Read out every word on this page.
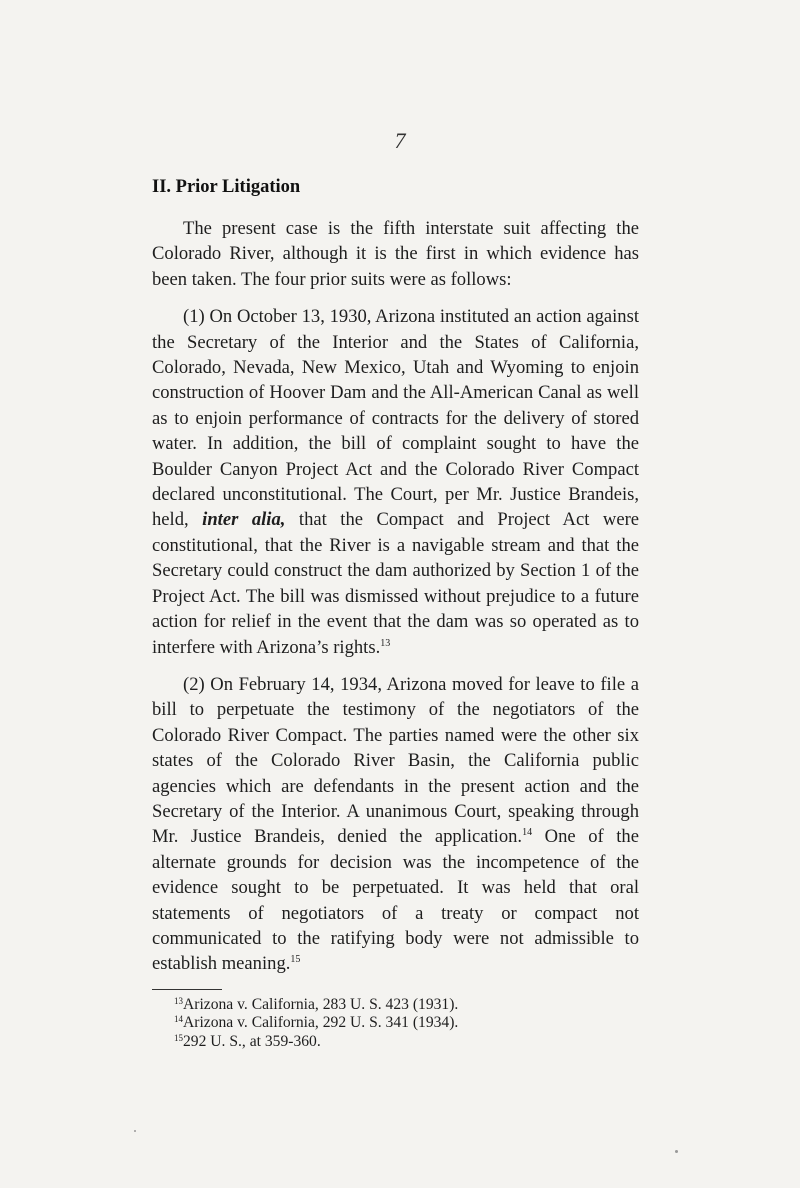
7
II. Prior Litigation

The present case is the fifth interstate suit affecting the Colorado River, although it is the first in which evidence has been taken. The four prior suits were as follows:

(1) On October 13, 1930, Arizona instituted an action against the Secretary of the Interior and the States of California, Colorado, Nevada, New Mexico, Utah and Wyoming to enjoin construction of Hoover Dam and the All-American Canal as well as to enjoin performance of contracts for the delivery of stored water. In addition, the bill of complaint sought to have the Boulder Canyon Project Act and the Colorado River Compact declared unconstitutional. The Court, per Mr. Justice Brandeis, held, inter alia, that the Compact and Project Act were constitutional, that the River is a navigable stream and that the Secretary could construct the dam authorized by Section 1 of the Project Act. The bill was dismissed without prejudice to a future action for relief in the event that the dam was so operated as to interfere with Arizona’s rights.$^{13}$

(2) On February 14, 1934, Arizona moved for leave to file a bill to perpetuate the testimony of the negotiators of the Colorado River Compact. The parties named were the other six states of the Colorado River Basin, the California public agencies which are defendants in the present action and the Secretary of the Interior. A unanimous Court, speaking through Mr. Justice Brandeis, denied the application.$^{14}$ One of the alternate grounds for decision was the incompetence of the evidence sought to be perpetuated. It was held that oral statements of negotiators of a treaty or compact not communicated to the ratifying body were not admissible to establish meaning.$^{15}$

$^{13}$Arizona v. California, 283 U. S. 423 (1931).
$^{14}$Arizona v. California, 292 U. S. 341 (1934).
$^{15}$292 U. S., at 359-360.
